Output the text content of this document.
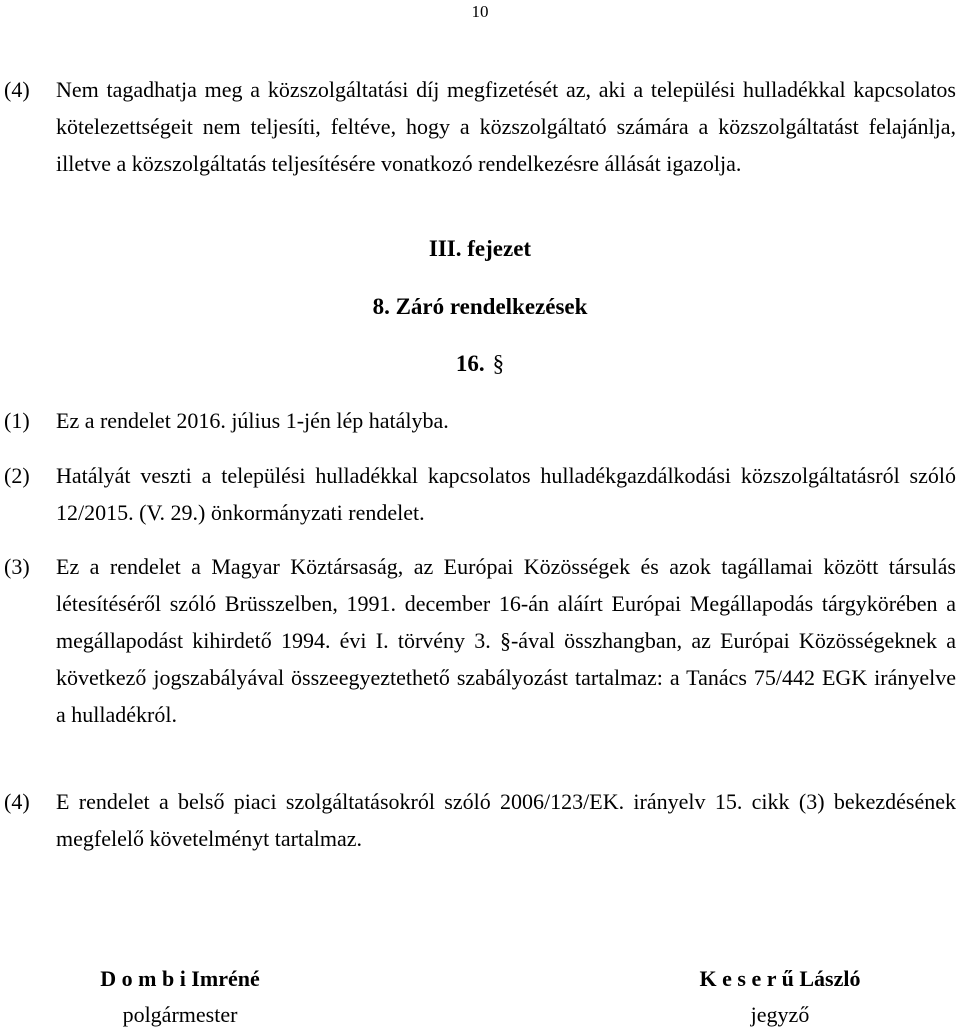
10
(4) Nem tagadhatja meg a közszolgáltatási díj megfizetését az, aki a települési hulladékkal kapcsolatos kötelezettségeit nem teljesíti, feltéve, hogy a közszolgáltató számára a közszolgáltatást felajánlja, illetve a közszolgáltatás teljesítésére vonatkozó rendelkezésre állását igazolja.
III. fejezet
8. Záró rendelkezések
16. §
(1) Ez a rendelet 2016. július 1-jén lép hatályba.
(2) Hatályát veszti a települési hulladékkal kapcsolatos hulladékgazdálkodási közszolgáltatásról szóló 12/2015. (V. 29.) önkormányzati rendelet.
(3) Ez a rendelet a Magyar Köztársaság, az Európai Közösségek és azok tagállamai között társulás létesítéséről szóló Brüsszelben, 1991. december 16-án aláírt Európai Megállapodás tárgykörében a megállapodást kihirdető 1994. évi I. törvény 3. §-ával összhangban, az Európai Közösségeknek a következő jogszabályával összeegyeztethető szabályozást tartalmaz: a Tanács 75/442 EGK irányelve a hulladékról.
(4) E rendelet a belső piaci szolgáltatásokról szóló 2006/123/EK. irányelv 15. cikk (3) bekezdésének megfelelő követelményt tartalmaz.
D o m b i Imréné
polgármester
K e s e r ű László
jegyző
